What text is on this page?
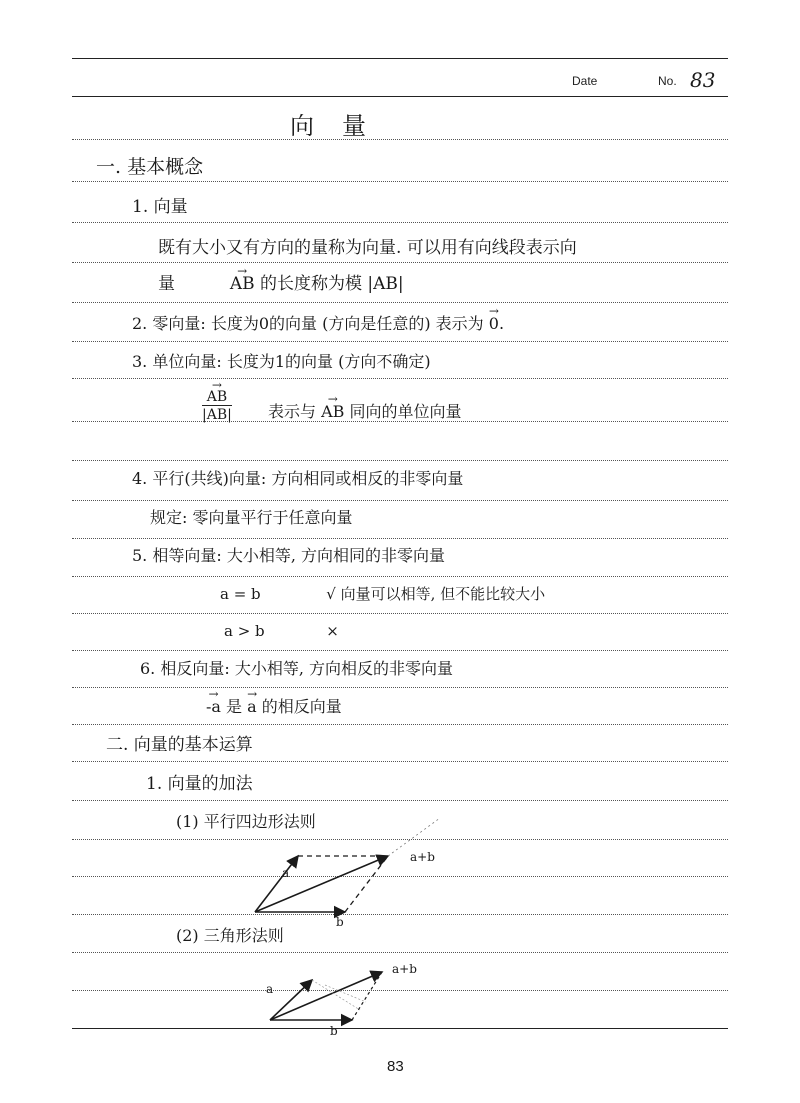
Date	No. 83
向量
一. 基本概念
1. 向量
既有大小又有方向的量称为向量. 可以用有向线段表示向
量	→ AB 的长度称为模 |AB|
2. 零向量: 长度为0的向量 (方向是任意的) 表示为 → 0.
3. 单位向量: 长度为1的向量 (方向不确定)
→ $\frac{AB}{|AB|}$ 表示与 → AB 同向的单位向量
4. 平行(共线)向量: 方向相同或相反的非零向量
规定: 零向量平行于任意向量
5. 相等向量: 大小相等, 方向相同的非零向量
a = b	√ 向量可以相等, 但不能比较大小
a > b	×
6. 相反向量: 大小相等, 方向相反的非零向量
→ -a 是 → a 的相反向量
二. 向量的基本运算
1. 向量的加法
(1) 平行四边形法则
(2) 三角形法则
a
b
a+b
a
b
a+b
83
